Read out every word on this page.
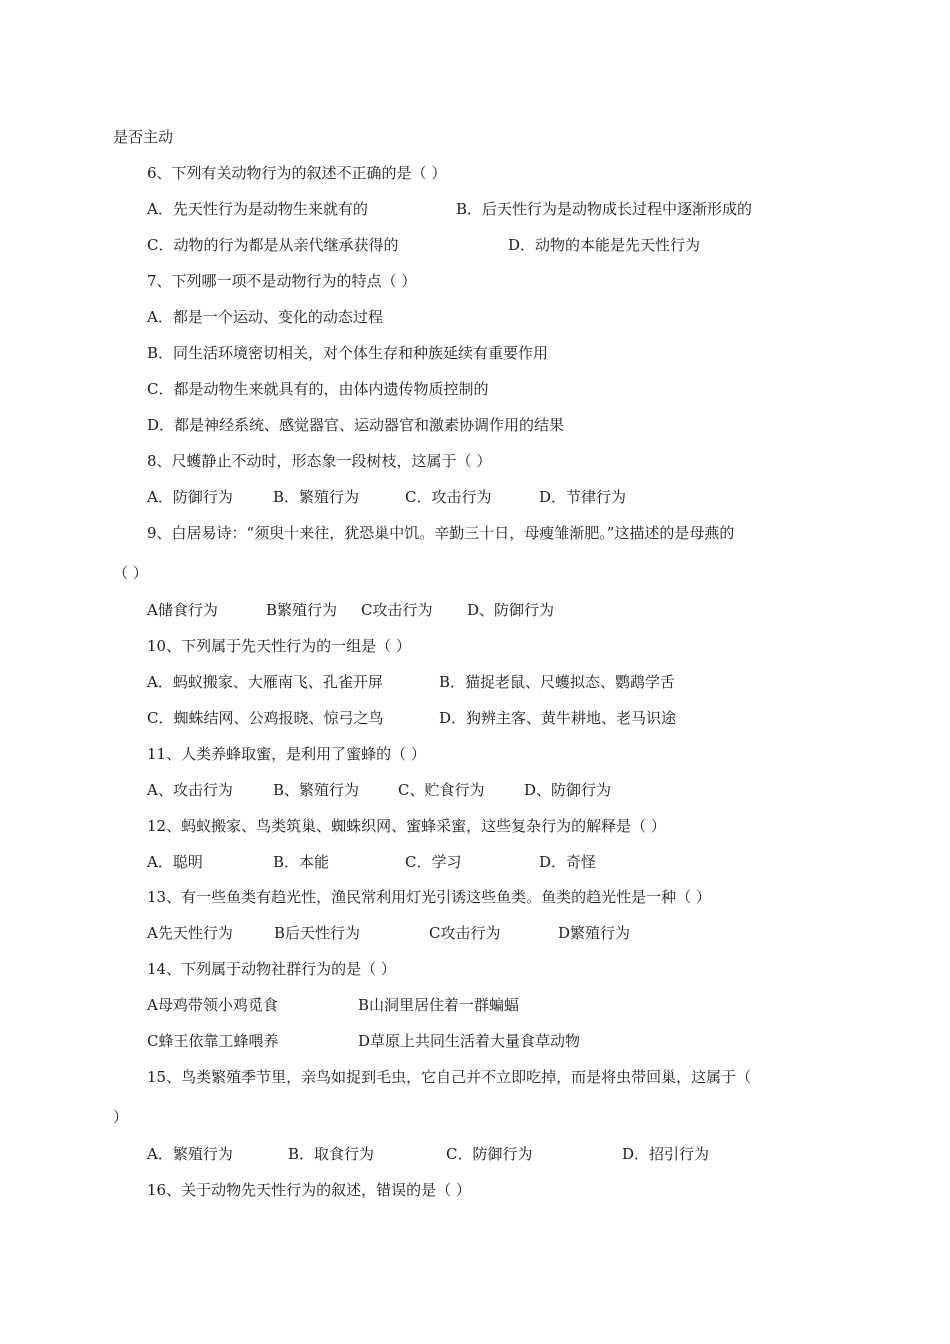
是否主动
6、下列有关动物行为的叙述不正确的是（ ）
A．先天性行为是动物生来就有的	B．后天性行为是动物成长过程中逐渐形成的
C．动物的行为都是从亲代继承获得的	D．动物的本能是先天性行为
7、下列哪一项不是动物行为的特点（ ）
A．都是一个运动、变化的动态过程
B．同生活环境密切相关，对个体生存和种族延续有重要作用
C．都是动物生来就具有的，由体内遗传物质控制的
D．都是神经系统、感觉器官、运动器官和激素协调作用的结果
8、尺蠖静止不动时，形态象一段树枝，这属于（ ）
A．防御行为	B．繁殖行为	C．攻击行为	D．节律行为
9、白居易诗：“须臾十来往，犹恐巢中饥。辛勤三十日，母瘦雏渐肥。”这描述的是母燕的
（ ）
A储食行为	B繁殖行为 C攻击行为 D、防御行为
10、下列属于先天性行为的一组是（ ）
A．蚂蚁搬家、大雁南飞、孔雀开屏	B．猫捉老鼠、尺蠖拟态、鹦鹉学舌
C．蜘蛛结网、公鸡报晓、惊弓之鸟	D．狗辨主客、黄牛耕地、老马识途
11、人类养蜂取蜜，是利用了蜜蜂的（ ）
A、攻击行为	B、繁殖行为	C、贮食行为	D、防御行为
12、蚂蚁搬家、鸟类筑巢、蜘蛛织网、蜜蜂采蜜，这些复杂行为的解释是（ ）
A．聪明	B．本能	C．学习	D．奇怪
13、有一些鱼类有趋光性，渔民常利用灯光引诱这些鱼类。鱼类的趋光性是一种（ ）
A先天性行为	B后天性行为	C攻击行为	D繁殖行为
14、下列属于动物社群行为的是（ ）
A母鸡带领小鸡觅食	B山洞里居住着一群蝙蝠
C蜂王依靠工蜂喂养	D草原上共同生活着大量食草动物
15、鸟类繁殖季节里，亲鸟如捉到毛虫，它自己并不立即吃掉，而是将虫带回巢，这属于（
）
A．繁殖行为	B．取食行为	C．防御行为	D．招引行为
16、关于动物先天性行为的叙述，错误的是（ ）
